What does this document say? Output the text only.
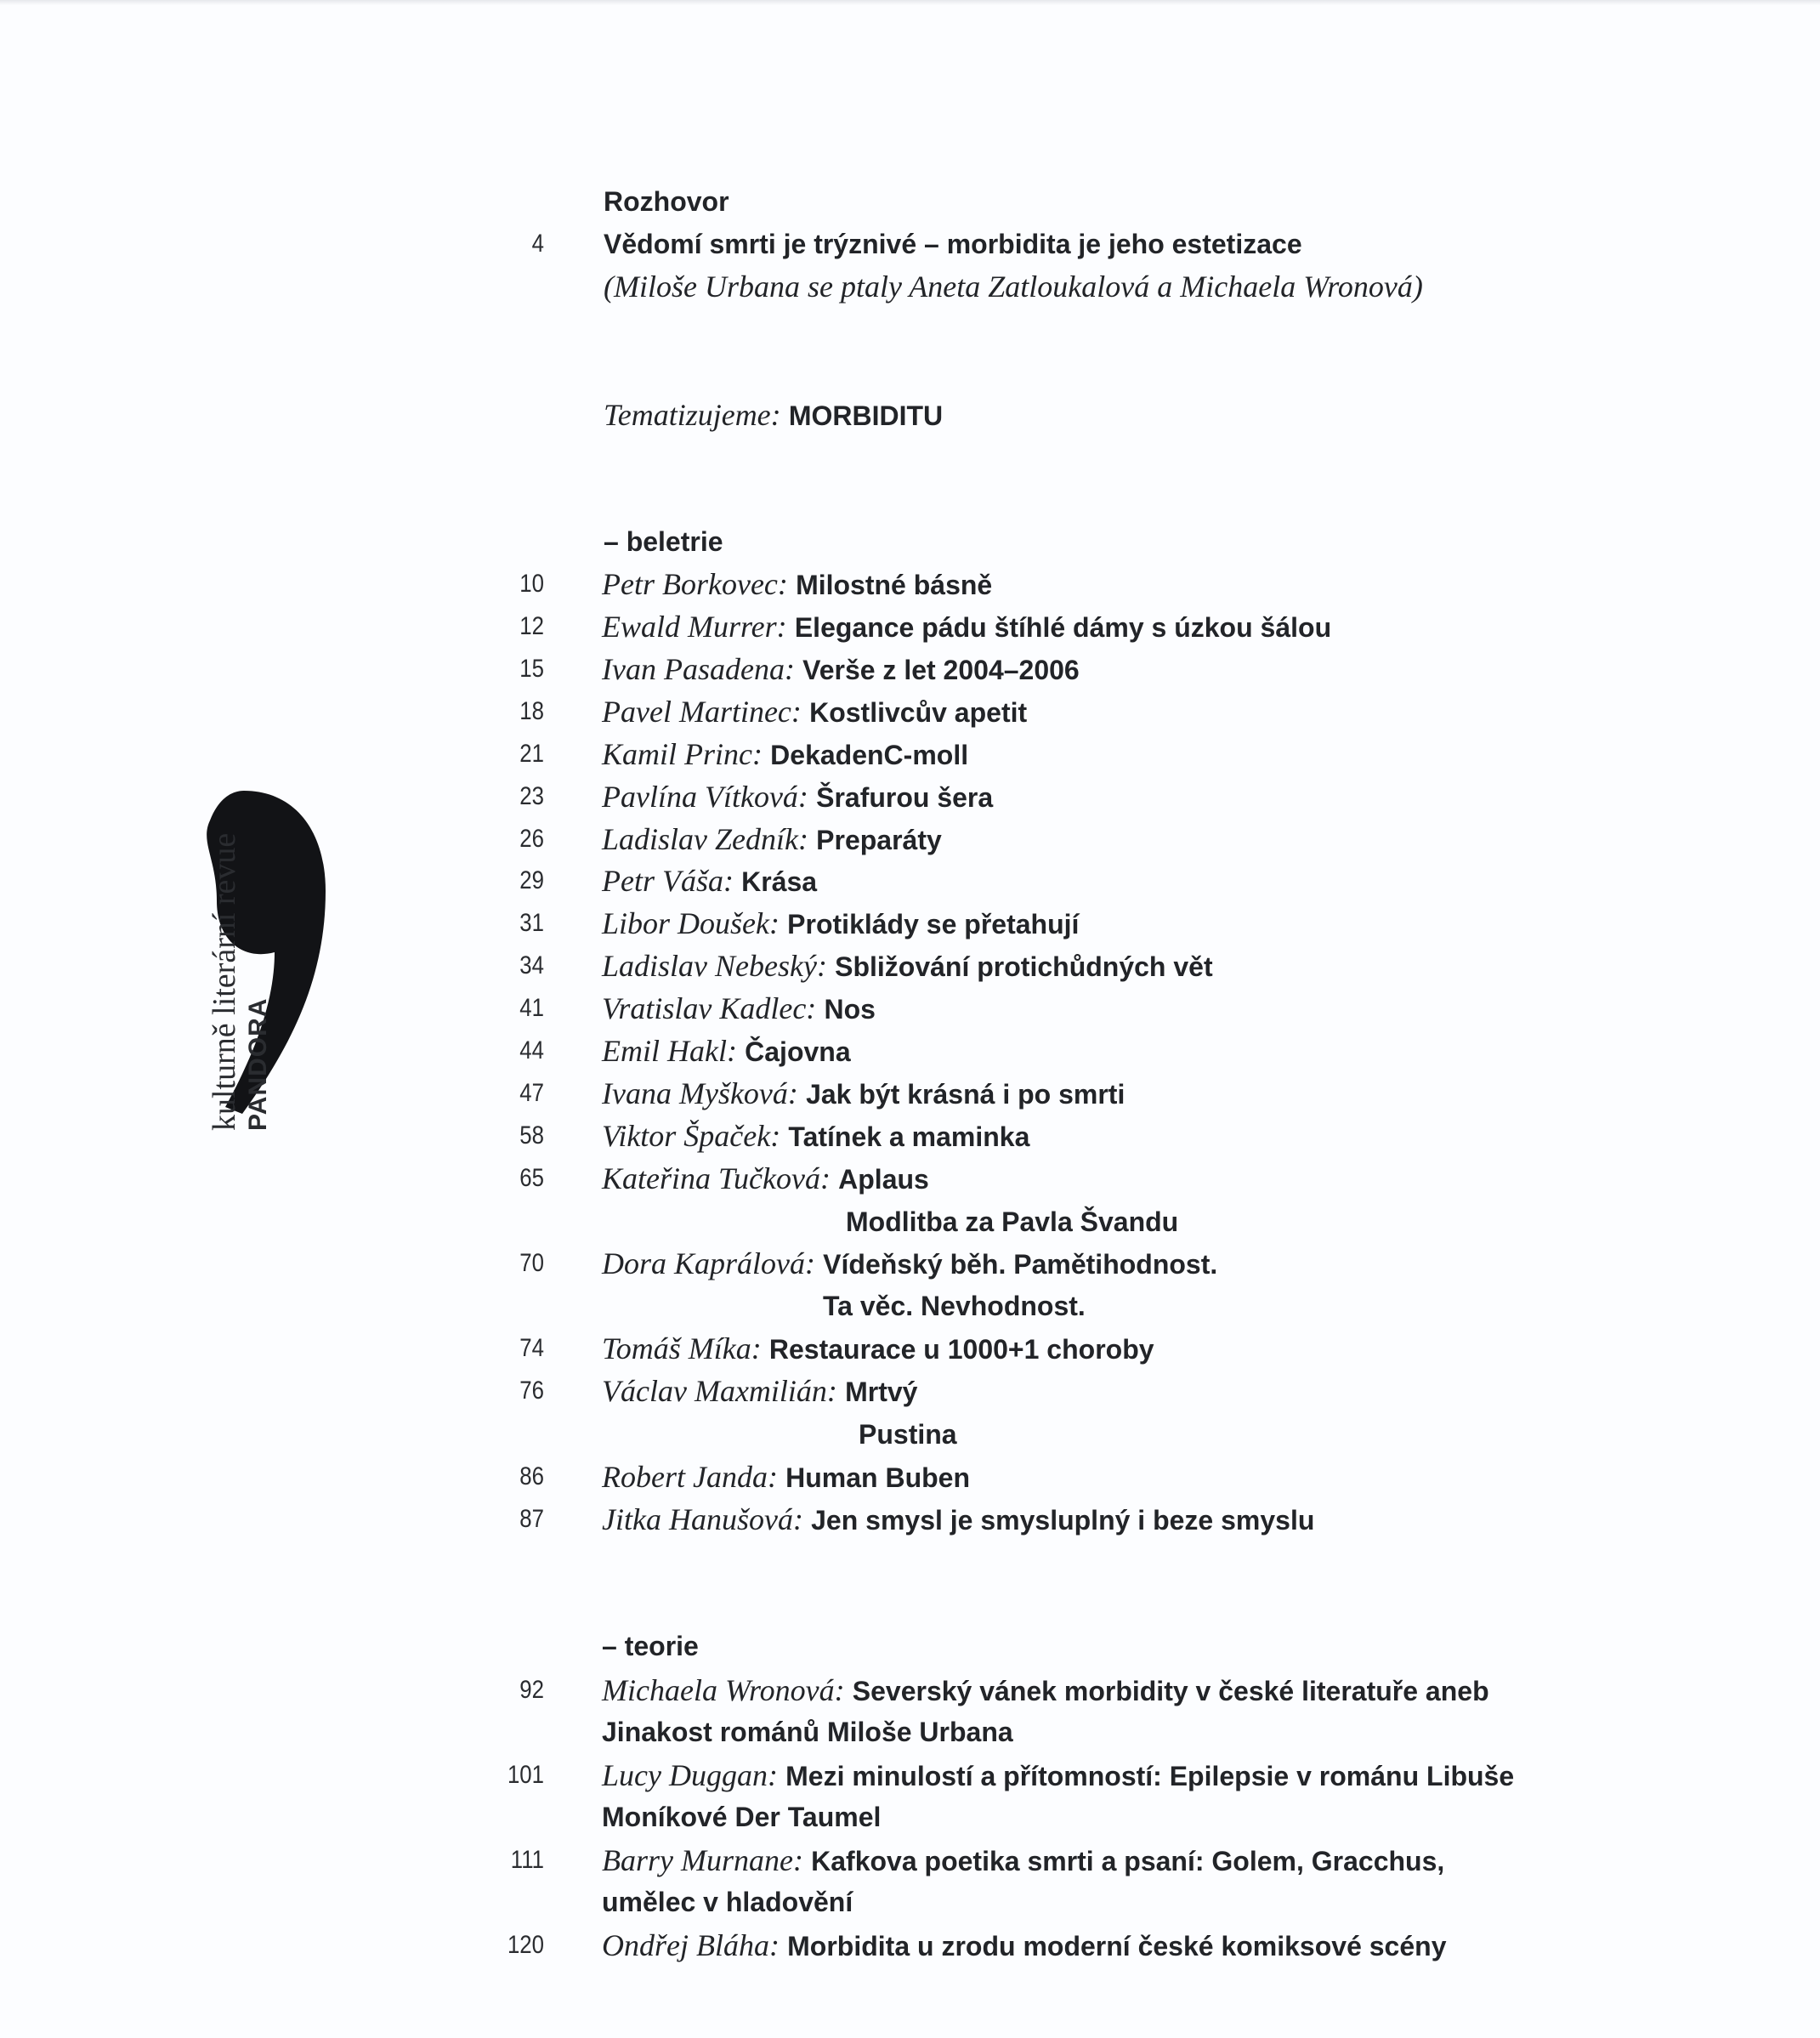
kulturně literární revue PANDORA
Rozhovor
4 Vědomí smrti je trýznivé – morbidita je jeho estetizace
(Miloše Urbana se ptaly Aneta Zatloukalová a Michaela Wronová)
Tematizujeme: MORBIDITU
– beletrie
10 Petr Borkovec: Milostné básně
12 Ewald Murrer: Elegance pádu štíhlé dámy s úzkou šálou
15 Ivan Pasadena: Verše z let 2004–2006
18 Pavel Martinec: Kostlivcův apetit
21 Kamil Princ: DekadenC-moll
23 Pavlína Vítková: Šrafurou šera
26 Ladislav Zedník: Preparáty
29 Petr Váša: Krása
31 Libor Doušek: Protiklády se přetahují
34 Ladislav Nebeský: Sbližování protichůdných vět
41 Vratislav Kadlec: Nos
44 Emil Hakl: Čajovna
47 Ivana Myšková: Jak být krásná i po smrti
58 Viktor Špaček: Tatínek a maminka
65 Kateřina Tučková: Aplaus
Modlitba za Pavla Švandu
70 Dora Kaprálová: Vídeňský běh. Pamětihodnost.
Ta věc. Nevhodnost.
74 Tomáš Míka: Restaurace u 1000+1 choroby
76 Václav Maxmilián: Mrtvý
Pustina
86 Robert Janda: Human Buben
87 Jitka Hanušová: Jen smysl je smysluplný i beze smyslu
– teorie
92 Michaela Wronová: Severský vánek morbidity v české literatuře aneb
Jinakost románů Miloše Urbana
101 Lucy Duggan: Mezi minulostí a přítomností: Epilepsie v románu Libuše
Moníkové Der Taumel
111 Barry Murnane: Kafkova poetika smrti a psaní: Golem, Gracchus,
umělec v hladovění
120 Ondřej Bláha: Morbidita u zrodu moderní české komiksové scény
